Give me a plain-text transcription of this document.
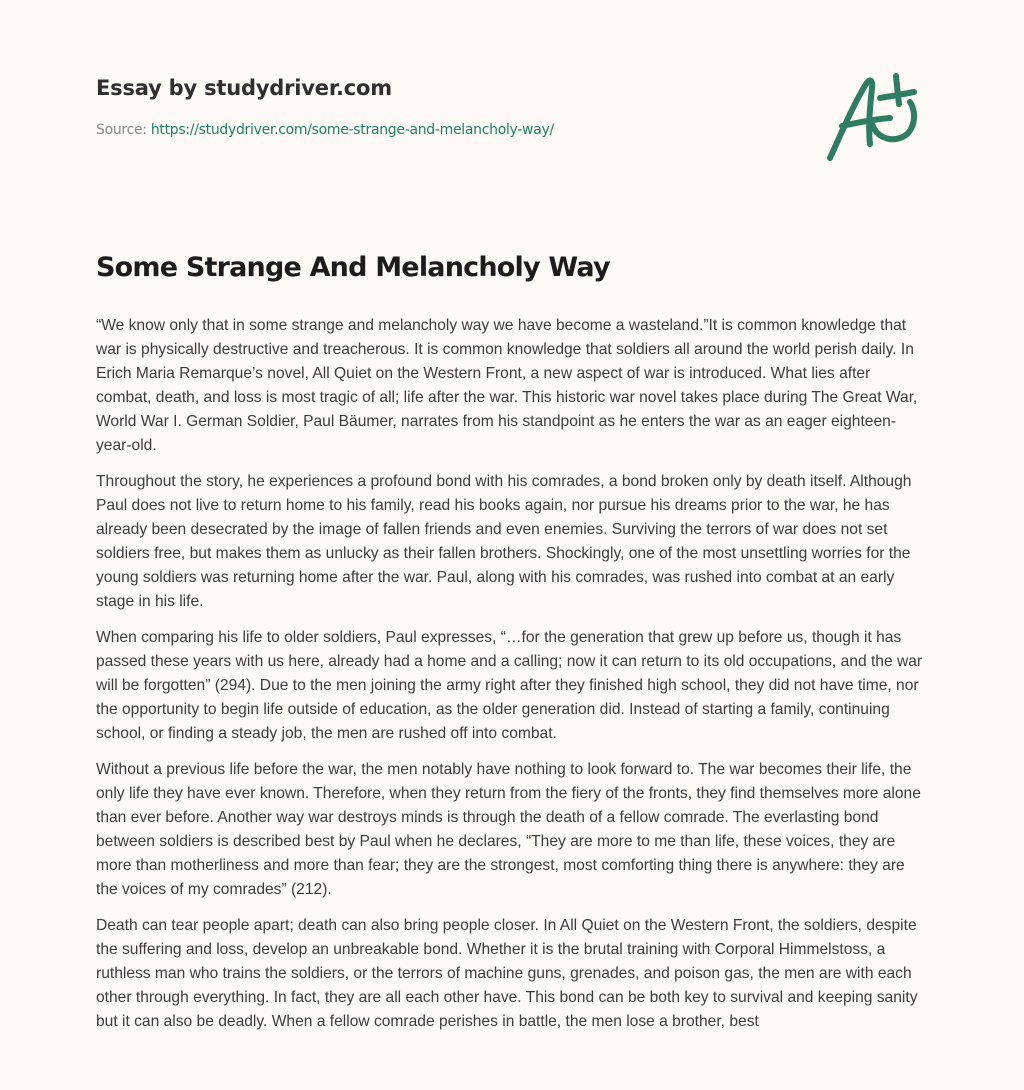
Essay by studydriver.com
Source: https://studydriver.com/some-strange-and-melancholy-way/
Some Strange And Melancholy Way

“We know only that in some strange and melancholy way we have become a wasteland.”It is common knowledge that war is physically destructive and treacherous. It is common knowledge that soldiers all around the world perish daily. In Erich Maria Remarque’s novel, All Quiet on the Western Front, a new aspect of war is introduced. What lies after combat, death, and loss is most tragic of all; life after the war. This historic war novel takes place during The Great War, World War I. German Soldier, Paul Bäumer, narrates from his standpoint as he enters the war as an eager eighteen-year-old.

Throughout the story, he experiences a profound bond with his comrades, a bond broken only by death itself. Although Paul does not live to return home to his family, read his books again, nor pursue his dreams prior to the war, he has already been desecrated by the image of fallen friends and even enemies. Surviving the terrors of war does not set soldiers free, but makes them as unlucky as their fallen brothers. Shockingly, one of the most unsettling worries for the young soldiers was returning home after the war. Paul, along with his comrades, was rushed into combat at an early stage in his life.

When comparing his life to older soldiers, Paul expresses, “…for the generation that grew up before us, though it has passed these years with us here, already had a home and a calling; now it can return to its old occupations, and the war will be forgotten” (294). Due to the men joining the army right after they finished high school, they did not have time, nor the opportunity to begin life outside of education, as the older generation did. Instead of starting a family, continuing school, or finding a steady job, the men are rushed off into combat.

Without a previous life before the war, the men notably have nothing to look forward to. The war becomes their life, the only life they have ever known. Therefore, when they return from the fiery of the fronts, they find themselves more alone than ever before. Another way war destroys minds is through the death of a fellow comrade. The everlasting bond between soldiers is described best by Paul when he declares, “They are more to me than life, these voices, they are more than motherliness and more than fear; they are the strongest, most comforting thing there is anywhere: they are the voices of my comrades” (212).

Death can tear people apart; death can also bring people closer. In All Quiet on the Western Front, the soldiers, despite the suffering and loss, develop an unbreakable bond. Whether it is the brutal training with Corporal Himmelstoss, a ruthless man who trains the soldiers, or the terrors of machine guns, grenades, and poison gas, the men are with each other through everything. In fact, they are all each other have. This bond can be both key to survival and keeping sanity but it can also be deadly. When a fellow comrade perishes in battle, the men lose a brother, best
